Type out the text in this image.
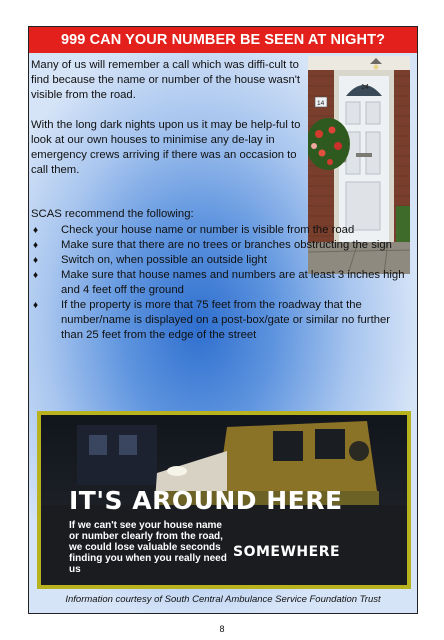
999 CAN YOUR NUMBER BE SEEN AT NIGHT?

Many of us will remember a call which was diffi-cult to find because the name or number of the house wasn't visible from the road.

With the long dark nights upon us it may be help-ful to look at our own houses to minimise any de-lay in emergency crews arriving if there was an occasion to call them.

14
14
SCAS recommend the following:
♦ Check your house name or number is visible from the road
♦ Make sure that there are no trees or branches obstructing the sign
♦ Switch on, when possible an outside light
♦ Make sure that house names and numbers are at least 3 inches high and 4 feet off the ground
♦ If the property is more that 75 feet from the roadway that the number/name is displayed on a post-box/gate or similar no further than 25 feet from the edge of the street
IT'S AROUND HERE
If we can't see your house name or number clearly from the road, we could lose valuable seconds finding you when you really need us
SOMEWHERE
Information courtesy of South Central Ambulance Service Foundation Trust
8
